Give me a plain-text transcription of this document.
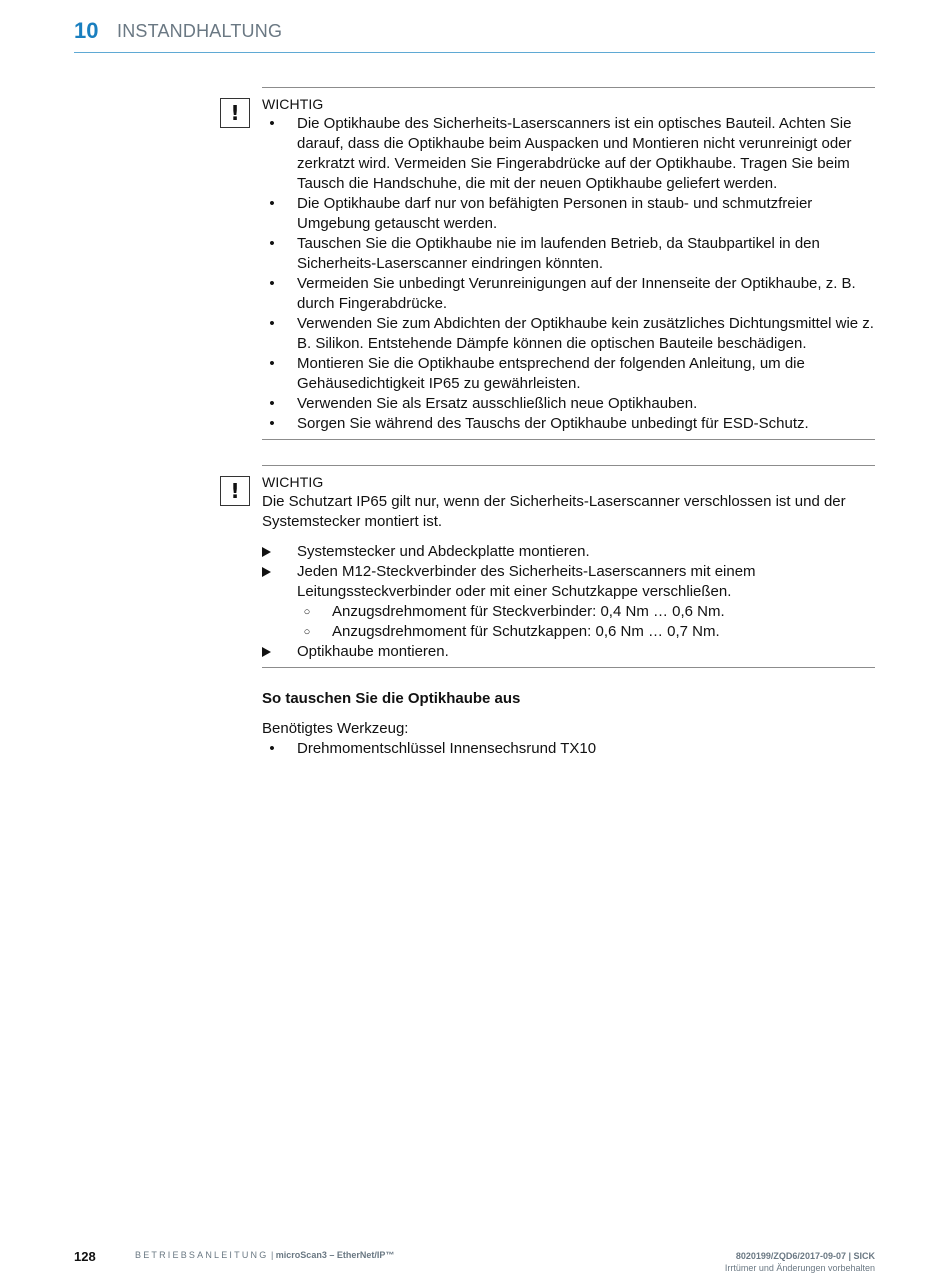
10 INSTANDHALTUNG
!	WICHTIG
•	Die Optikhaube des Sicherheits-Laserscanners ist ein optisches Bauteil. Achten Sie darauf, dass die Optikhaube beim Auspacken und Montieren nicht verunreinigt oder zerkratzt wird. Vermeiden Sie Fingerabdrücke auf der Optikhaube. Tragen Sie beim Tausch die Handschuhe, die mit der neuen Optikhaube geliefert werden.
•	Die Optikhaube darf nur von befähigten Personen in staub- und schmutzfreier Umgebung getauscht werden.
•	Tauschen Sie die Optikhaube nie im laufenden Betrieb, da Staubpartikel in den Sicherheits-Laserscanner eindringen könnten.
•	Vermeiden Sie unbedingt Verunreinigungen auf der Innenseite der Optikhaube, z. B. durch Fingerabdrücke.
•	Verwenden Sie zum Abdichten der Optikhaube kein zusätzliches Dichtungsmittel wie z. B. Silikon. Entstehende Dämpfe können die optischen Bauteile beschädigen.
•	Montieren Sie die Optikhaube entsprechend der folgenden Anleitung, um die Gehäusedichtigkeit IP65 zu gewährleisten.
•	Verwenden Sie als Ersatz ausschließlich neue Optikhauben.
•	Sorgen Sie während des Tauschs der Optikhaube unbedingt für ESD-Schutz.
!	WICHTIG

Die Schutzart IP65 gilt nur, wenn der Sicherheits-Laserscanner verschlossen ist und der Systemstecker montiert ist.

Systemstecker und Abdeckplatte montieren.
Jeden M12-Steckverbinder des Sicherheits-Laserscanners mit einem Leitungssteckverbinder oder mit einer Schutzkappe verschließen.
○	Anzugsdrehmoment für Steckverbinder: 0,4 Nm … 0,6 Nm.
○	Anzugsdrehmoment für Schutzkappen: 0,6 Nm … 0,7 Nm.
Optikhaube montieren.
So tauschen Sie die Optikhaube aus

Benötigtes Werkzeug:

•	Drehmomentschlüssel Innensechsrund TX10
128	BETRIEBSANLEITUNG | microScan3 – EtherNet/IP™	8020199/ZQD6/2017-09-07 | SICK
Irrtümer und Änderungen vorbehalten
